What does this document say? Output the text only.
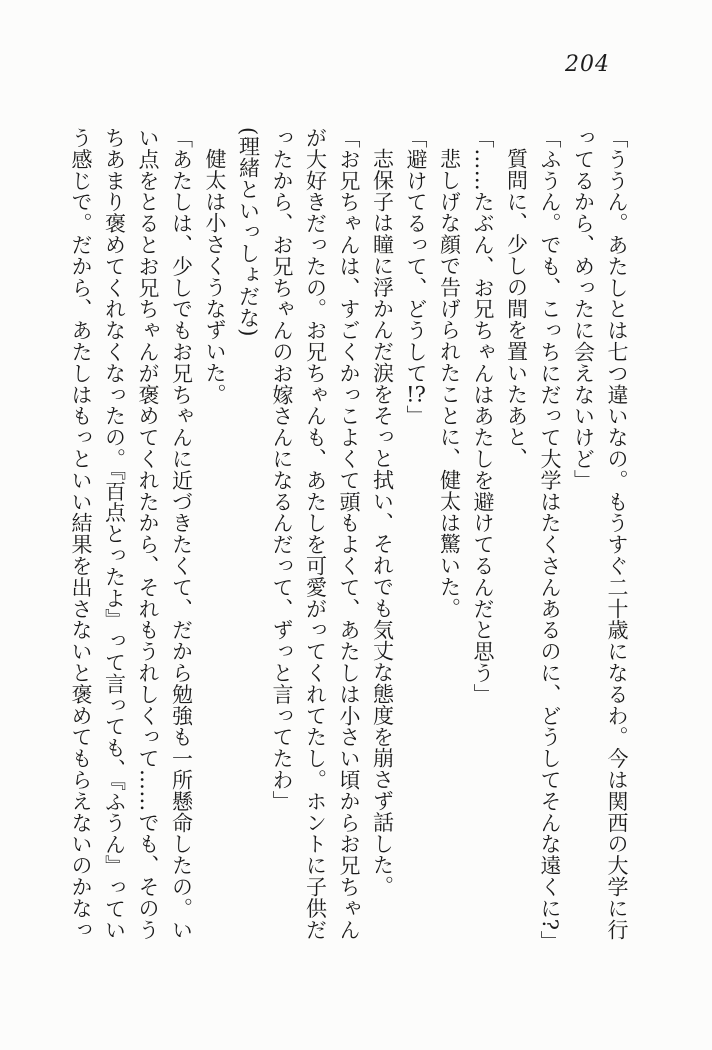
204

「ううん。あたしとは七つ違いなの。もうすぐ二十歳になるわ。今は関西の大学に行

ってるから、めったに会えないけど」

「ふうん。でも、こっちにだって大学はたくさんあるのに、どうしてそんな遠くに?」

質問に、少しの間を置いたあと、

「……たぶん、お兄ちゃんはあたしを避けてるんだと思う」

悲しげな顔で告げられたことに、健太は驚いた。

「避けてるって、どうして!?」

志保子は瞳に浮かんだ涙をそっと拭い、それでも気丈な態度を崩さず話した。

「お兄ちゃんは、すごくかっこよくて頭もよくて、あたしは小さい頃からお兄ちゃん

が大好きだったの。お兄ちゃんも、あたしを可愛がってくれてたし。ホントに子供だ

ったから、お兄ちゃんのお嫁さんになるんだって、ずっと言ってたわ」

(理緒といっしょだな)

健太は小さくうなずいた。

「あたしは、少しでもお兄ちゃんに近づきたくて、だから勉強も一所懸命したの。い

い点をとるとお兄ちゃんが褒めてくれたから、それもうれしくって……でも、そのう

ちあまり褒めてくれなくなったの。『百点とったよ』って言っても、『ふうん』ってい

う感じで。だから、あたしはもっといい結果を出さないと褒めてもらえないのかなっ
